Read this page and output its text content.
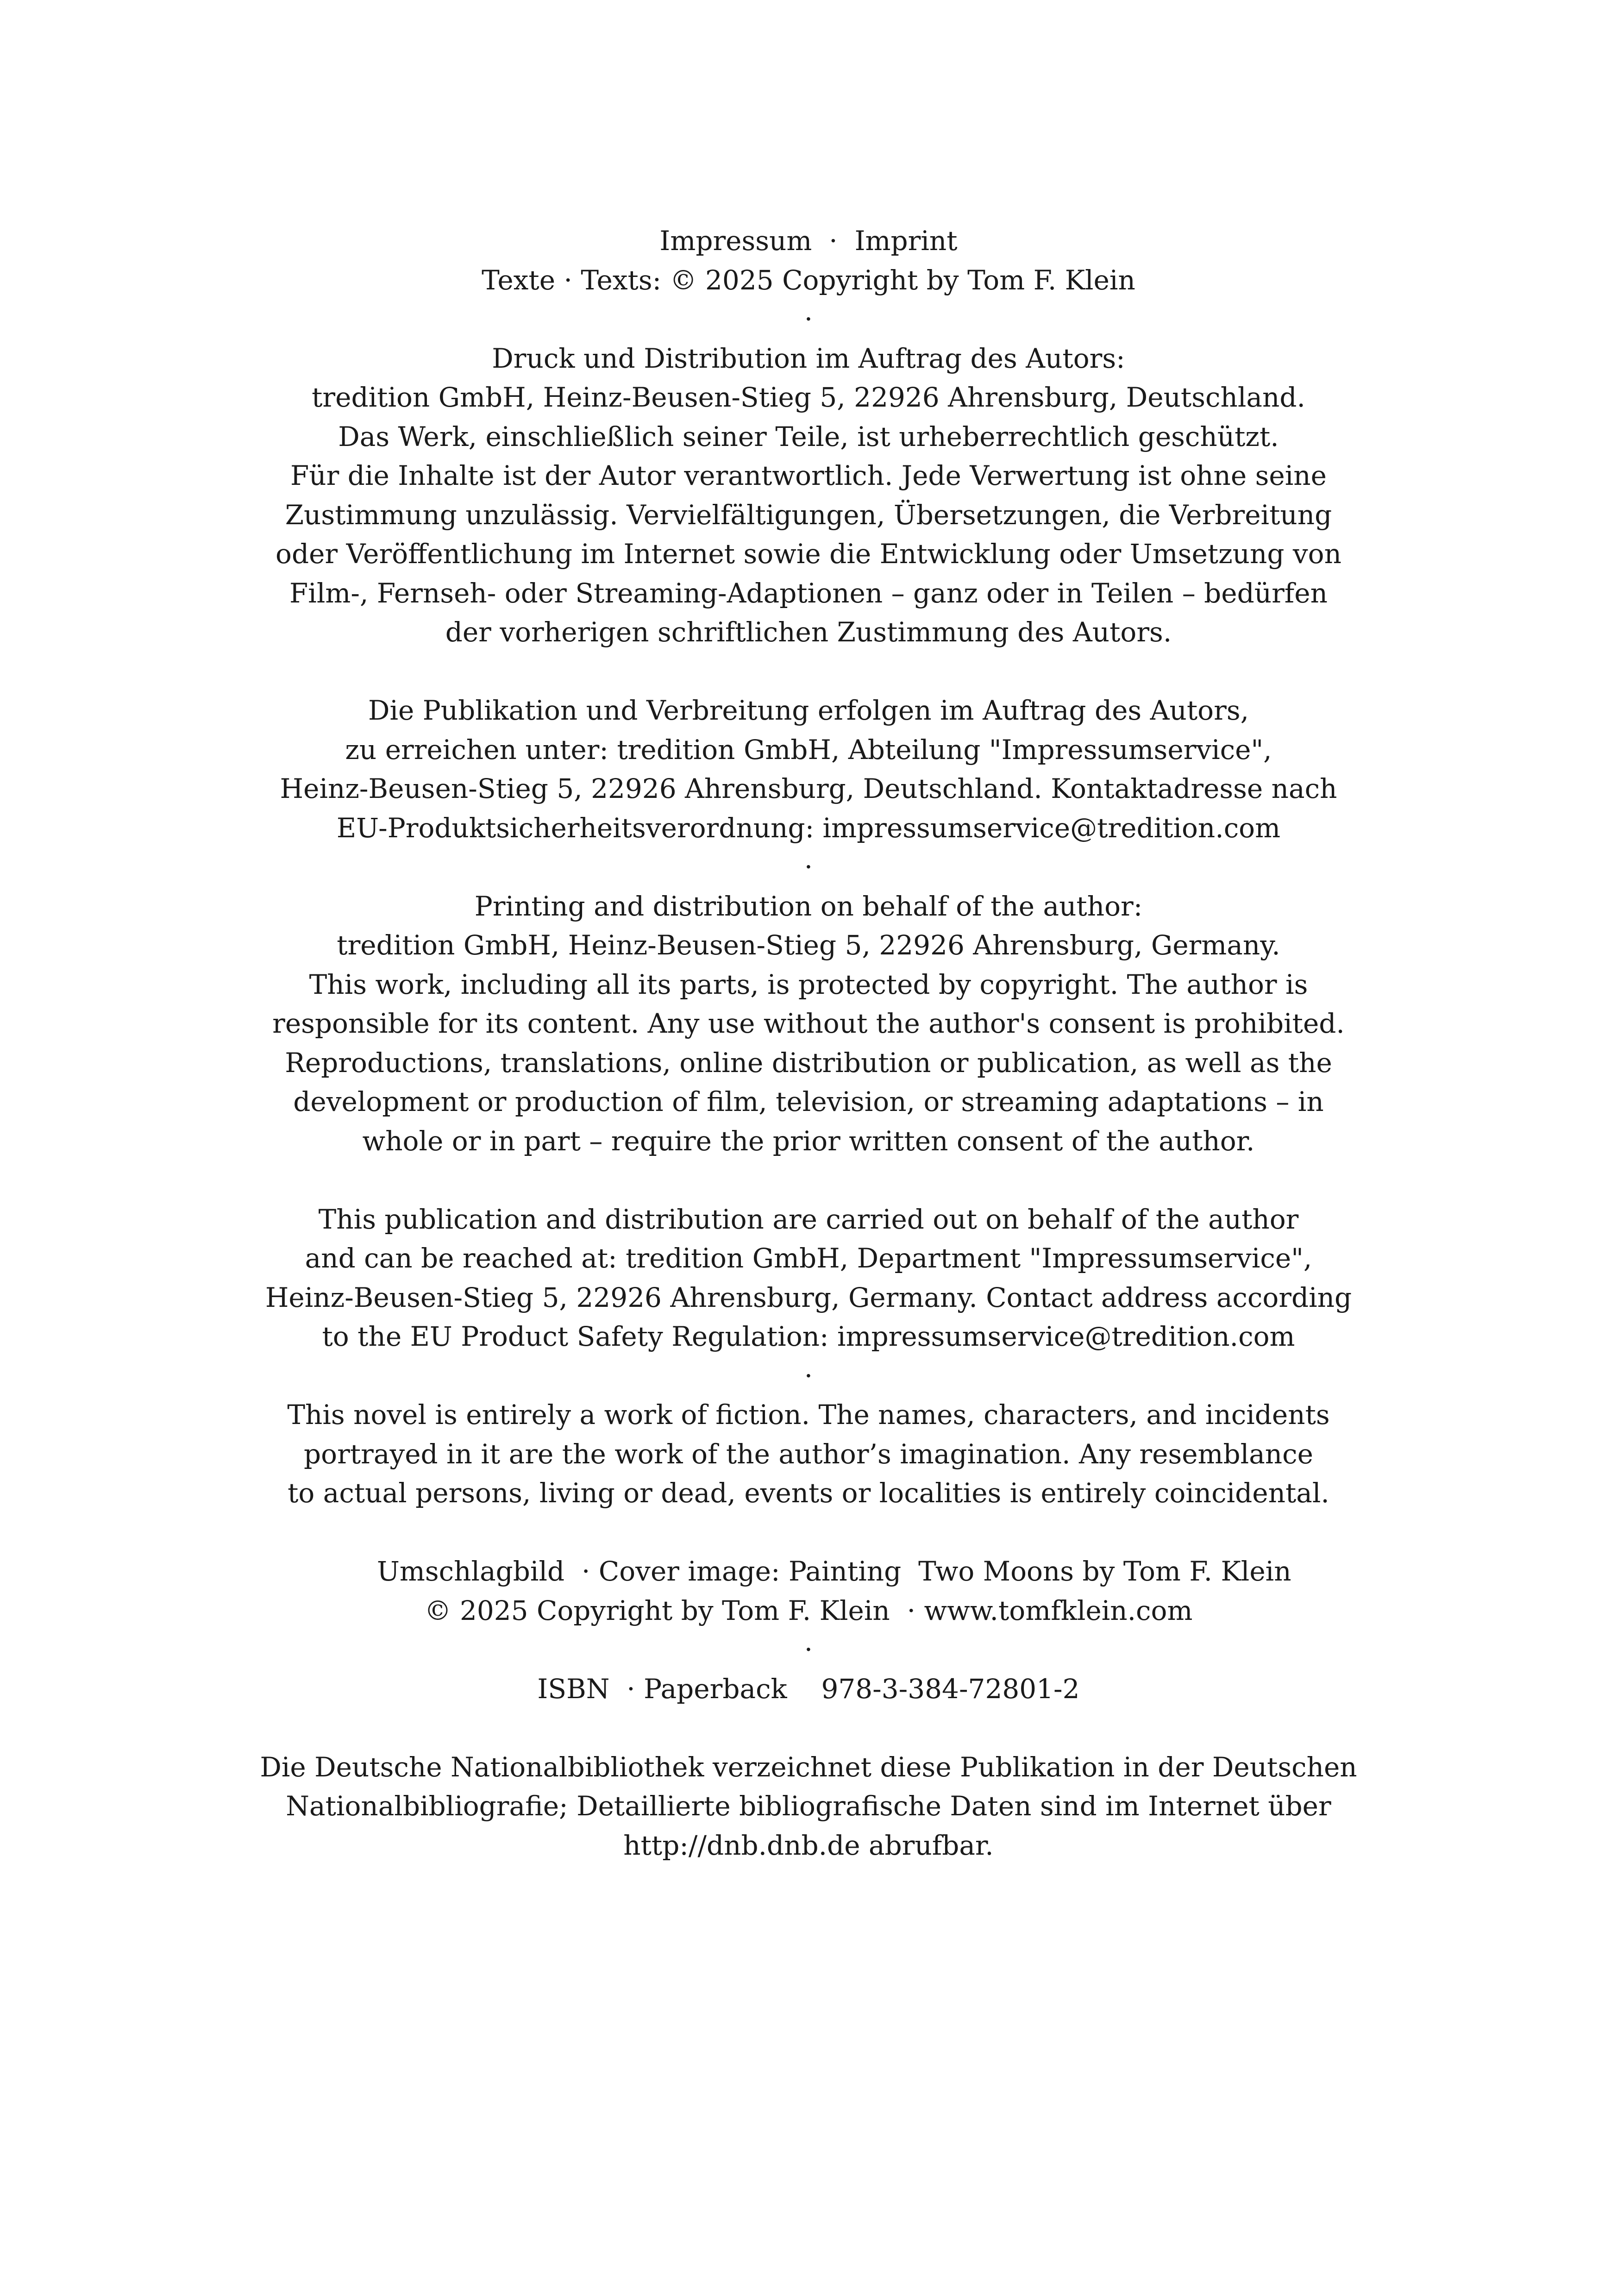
Impressum  ·  Imprint
Texte · Texts: © 2025 Copyright by Tom F. Klein
·
Druck und Distribution im Auftrag des Autors:
tredition GmbH, Heinz-Beusen-Stieg 5, 22926 Ahrensburg, Deutschland.
Das Werk, einschließlich seiner Teile, ist urheberrechtlich geschützt.
Für die Inhalte ist der Autor verantwortlich. Jede Verwertung ist ohne seine
Zustimmung unzulässig. Vervielfältigungen, Übersetzungen, die Verbreitung
oder Veröffentlichung im Internet sowie die Entwicklung oder Umsetzung von
Film-, Fernseh- oder Streaming-Adaptionen – ganz oder in Teilen – bedürfen
der vorherigen schriftlichen Zustimmung des Autors.
Die Publikation und Verbreitung erfolgen im Auftrag des Autors,
zu erreichen unter: tredition GmbH, Abteilung "Impressumservice",
Heinz-Beusen-Stieg 5, 22926 Ahrensburg, Deutschland. Kontaktadresse nach
EU-Produktsicherheitsverordnung: impressumservice@tredition.com
·
Printing and distribution on behalf of the author:
tredition GmbH, Heinz-Beusen-Stieg 5, 22926 Ahrensburg, Germany.
This work, including all its parts, is protected by copyright. The author is
responsible for its content. Any use without the author's consent is prohibited.
Reproductions, translations, online distribution or publication, as well as the
development or production of film, television, or streaming adaptations – in
whole or in part – require the prior written consent of the author.
This publication and distribution are carried out on behalf of the author
and can be reached at: tredition GmbH, Department "Impressumservice",
Heinz-Beusen-Stieg 5, 22926 Ahrensburg, Germany. Contact address according
to the EU Product Safety Regulation: impressumservice@tredition.com
·
This novel is entirely a work of fiction. The names, characters, and incidents
portrayed in it are the work of the author’s imagination. Any resemblance
to actual persons, living or dead, events or localities is entirely coincidental.
Umschlagbild  · Cover image: Painting  Two Moons by Tom F. Klein
© 2025 Copyright by Tom F. Klein  · www.tomfklein.com
·
ISBN  · Paperback    978-3-384-72801-2
Die Deutsche Nationalbibliothek verzeichnet diese Publikation in der Deutschen
Nationalbibliografie; Detaillierte bibliografische Daten sind im Internet über
http://dnb.dnb.de abrufbar.
